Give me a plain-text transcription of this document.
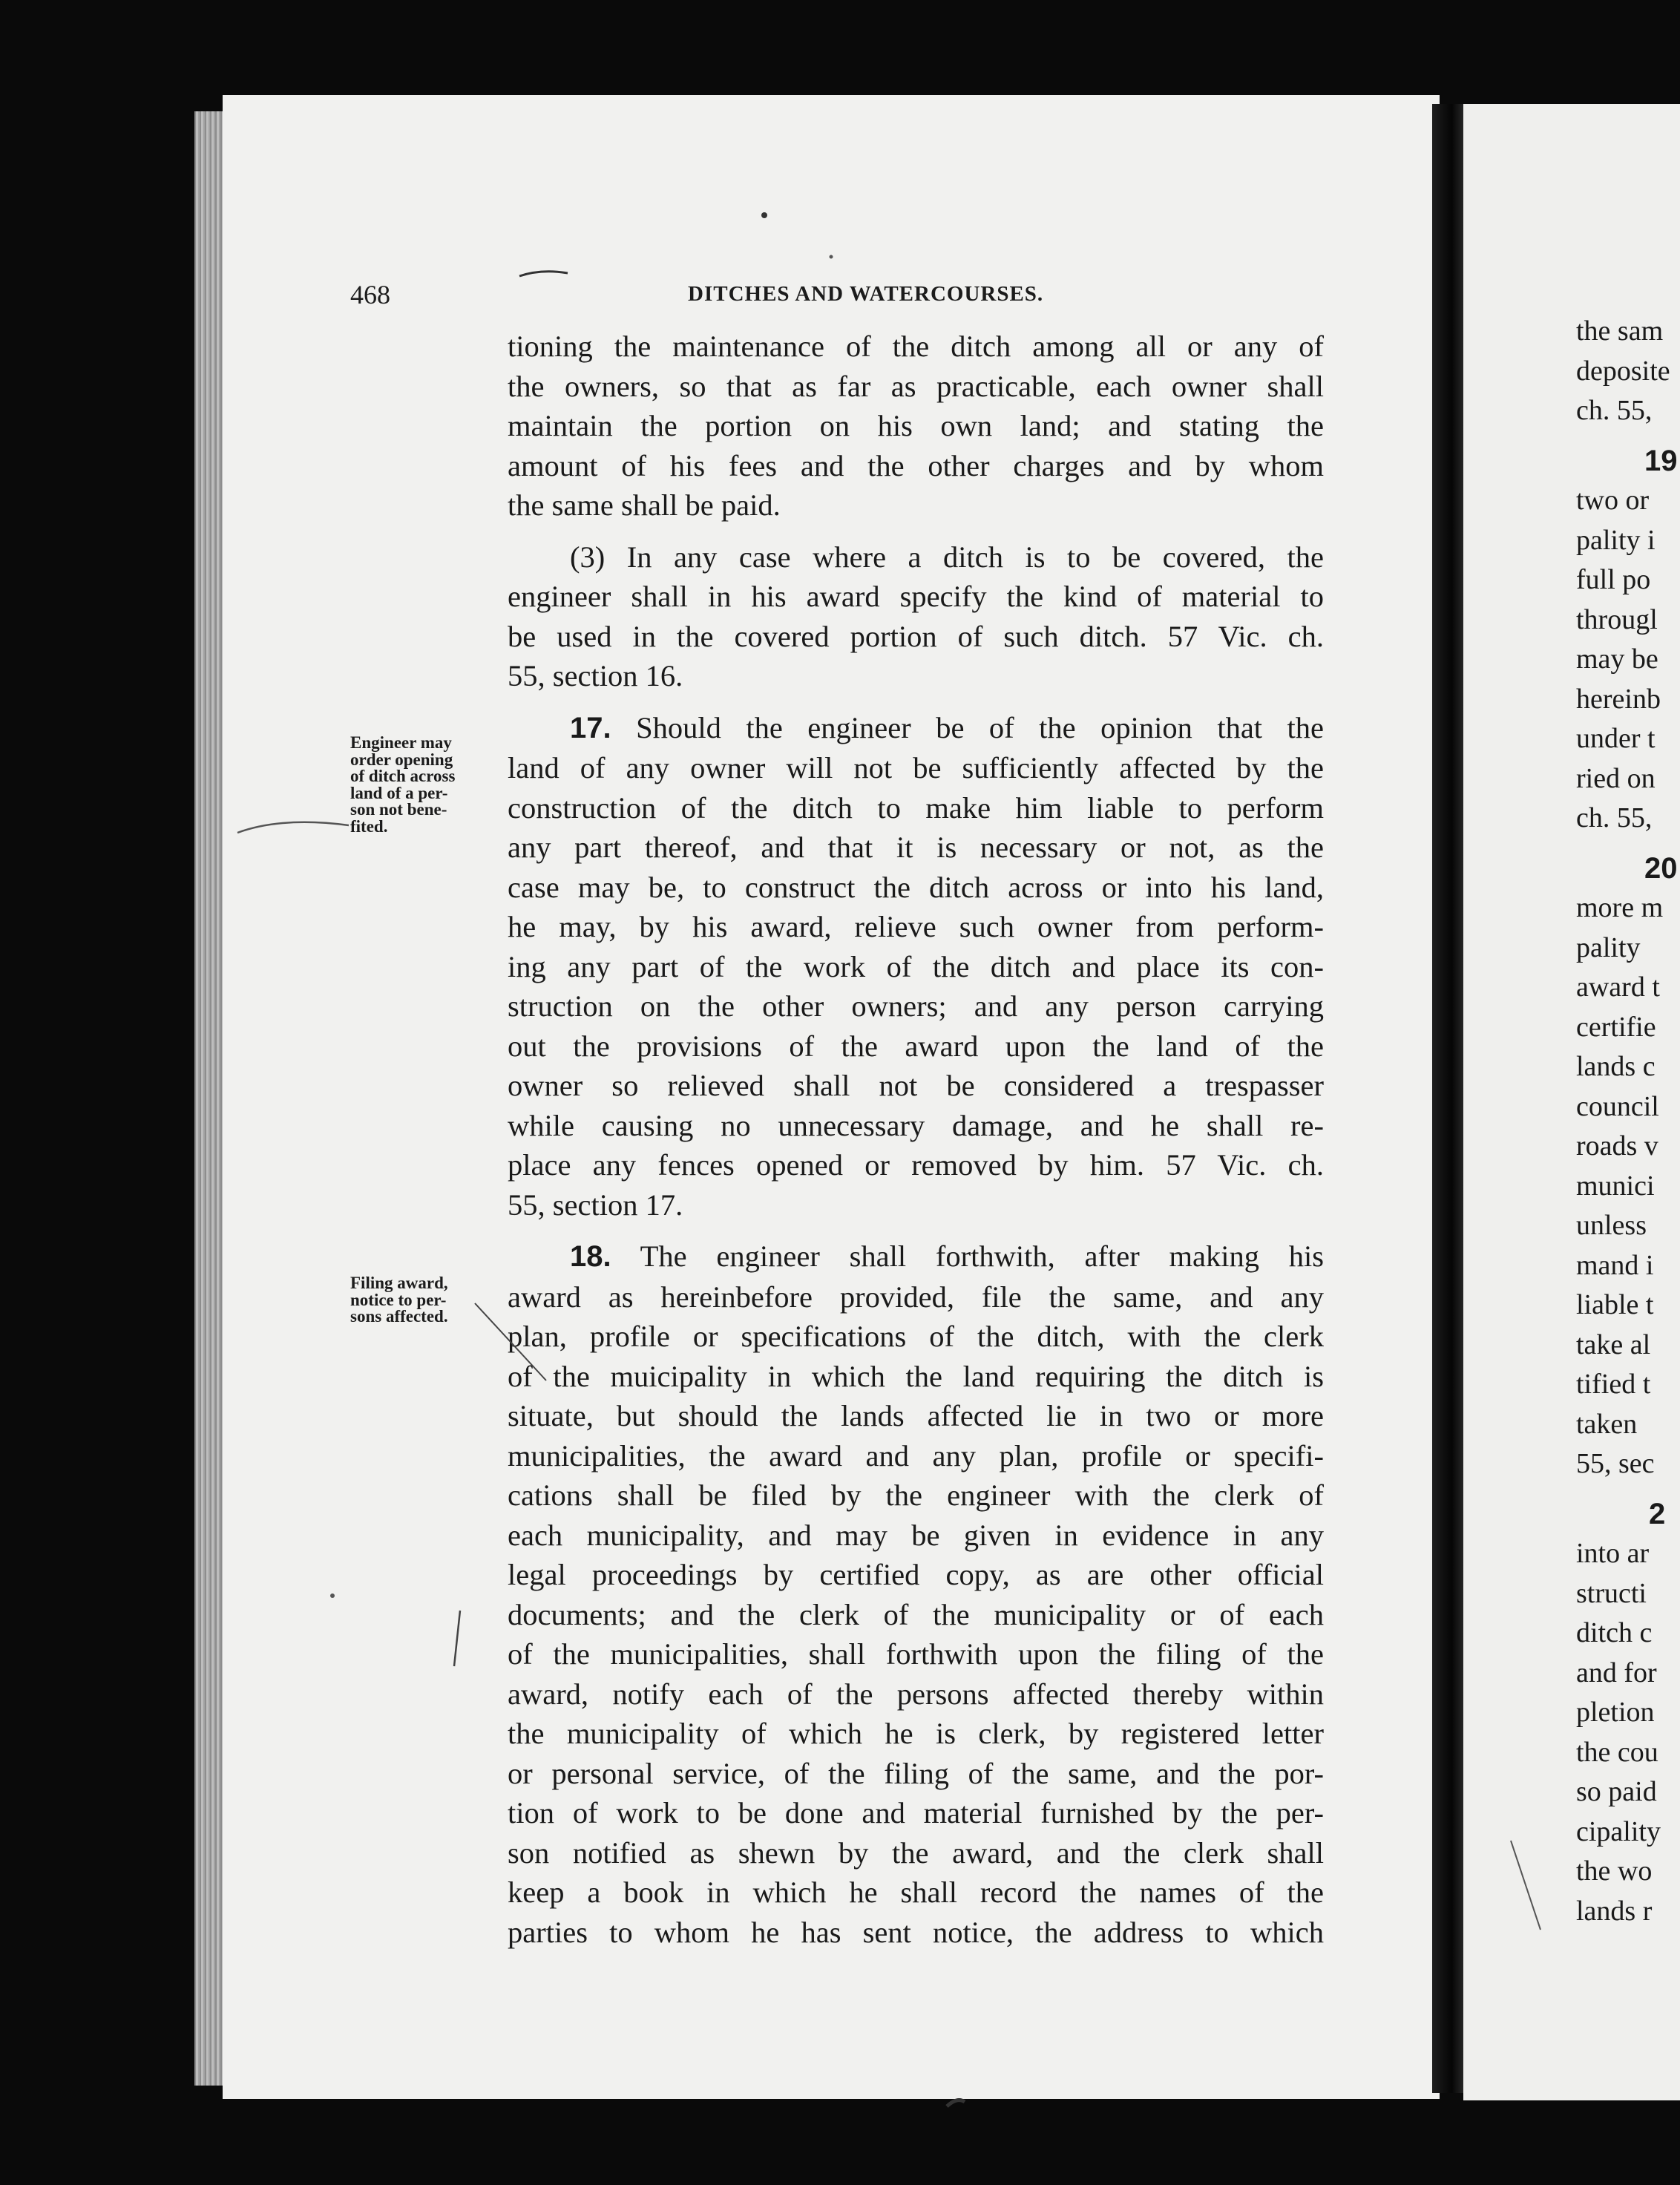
468	DITCHES AND WATERCOURSES.
tioning the maintenance of the ditch among all or any of
the owners, so that as far as practicable, each owner shall
maintain the portion on his own land; and stating the
amount of his fees and the other charges and by whom
the same shall be paid.
(3) In any case where a ditch is to be covered, the
engineer shall in his award specify the kind of material to
be used in the covered portion of such ditch. 57 Vic. ch.
55, section 16.
17. Should the engineer be of the opinion that the
land of any owner will not be sufficiently affected by the
construction of the ditch to make him liable to perform
any part thereof, and that it is necessary or not, as the
case may be, to construct the ditch across or into his land,
he may, by his award, relieve such owner from perform-
ing any part of the work of the ditch and place its con-
struction on the other owners; and any person carrying
out the provisions of the award upon the land of the
owner so relieved shall not be considered a trespasser
while causing no unnecessary damage, and he shall re-
place any fences opened or removed by him. 57 Vic. ch.
55, section 17.
18. The engineer shall forthwith, after making his
award as hereinbefore provided, file the same, and any
plan, profile or specifications of the ditch, with the clerk
of the muicipality in which the land requiring the ditch is
situate, but should the lands affected lie in two or more
municipalities, the award and any plan, profile or specifi-
cations shall be filed by the engineer with the clerk of
each municipality, and may be given in evidence in any
legal proceedings by certified copy, as are other official
documents; and the clerk of the municipality or of each
of the municipalities, shall forthwith upon the filing of the
award, notify each of the persons affected thereby within
the municipality of which he is clerk, by registered letter
or personal service, of the filing of the same, and the por-
tion of work to be done and material furnished by the per-
son notified as shewn by the award, and the clerk shall
keep a book in which he shall record the names of the
parties to whom he has sent notice, the address to which
Engineer may
order opening
of ditch across
land of a per-
son not bene-
fited.
Filing award,
notice to per-
sons affected.
the sam
deposite
ch. 55,
19
two or
pality i
full po
througl
may be
hereinb
under t
ried on
ch. 55,
20
more m
pality
award t
certifie
lands c
council
roads v
munici
unless
mand i
liable t
take al
tified t
taken
55, sec
2
into ar
structi
ditch c
and for
pletion
the cou
so paid
cipality
the wo
lands r
